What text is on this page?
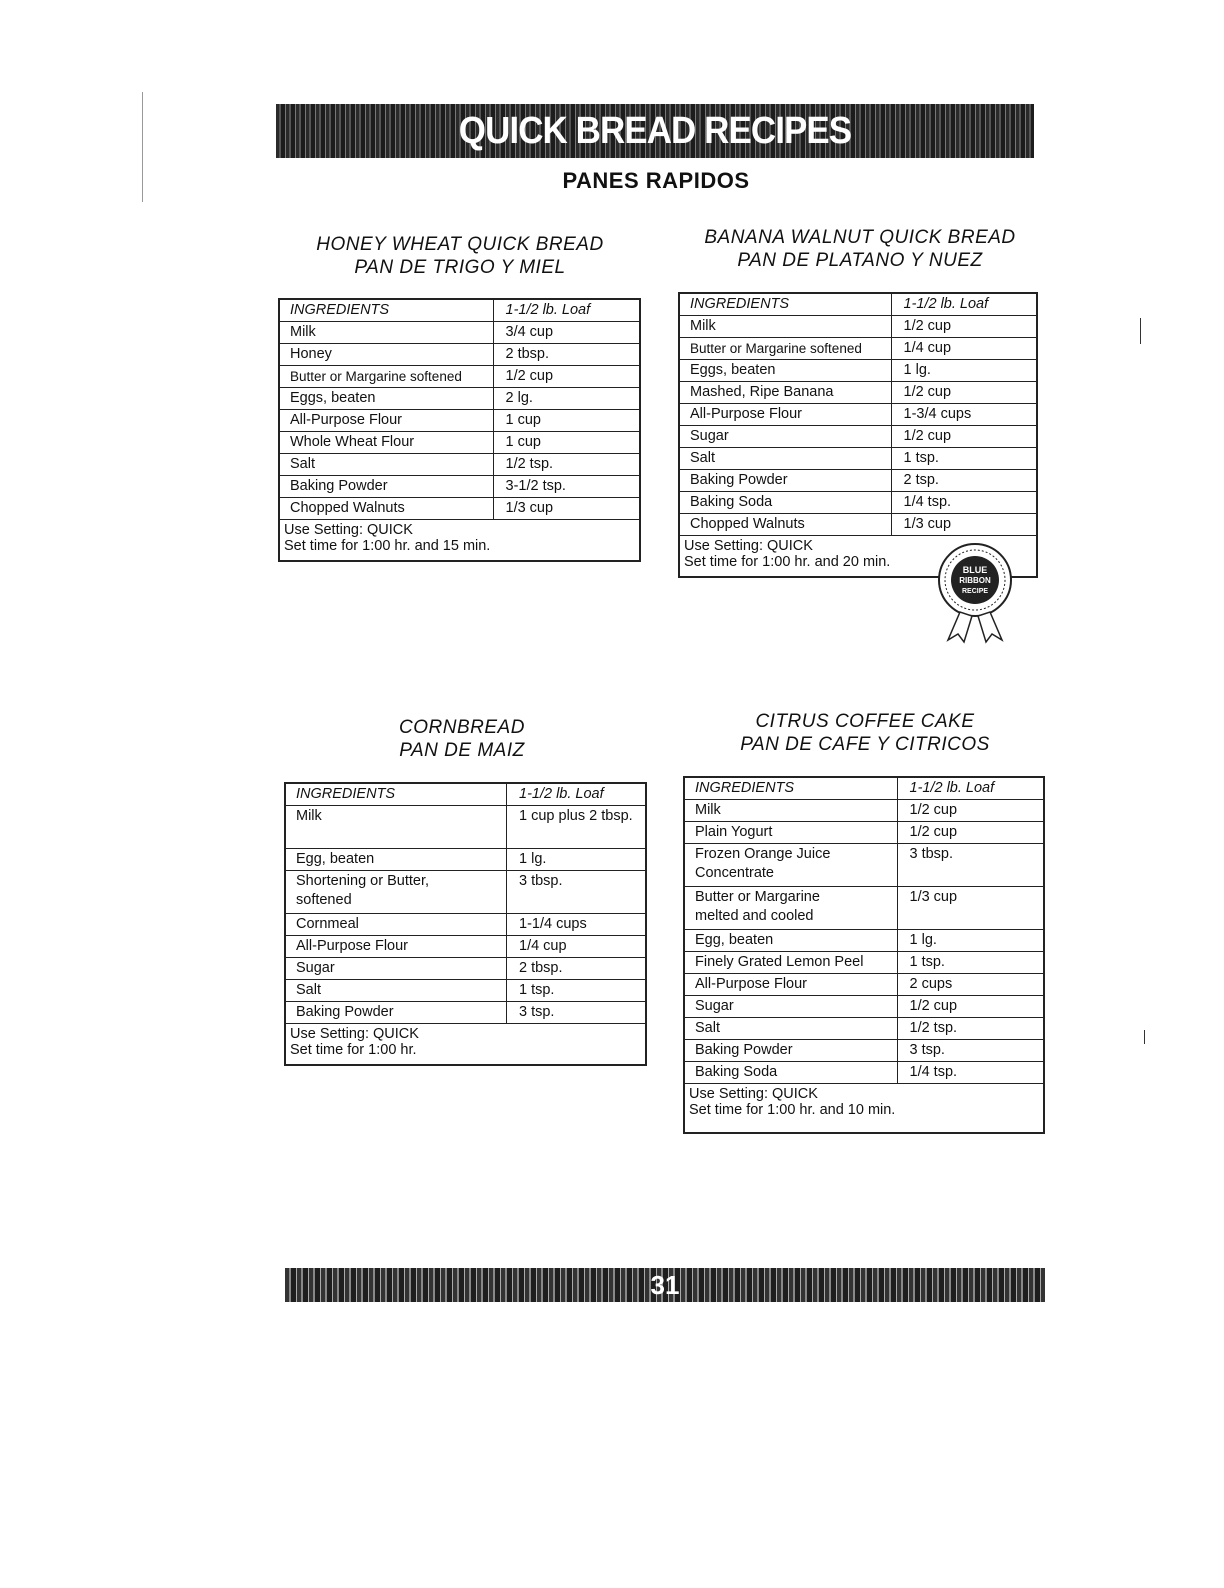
QUICK BREAD RECIPES
PANES RAPIDOS
HONEY WHEAT QUICK BREAD
PAN DE TRIGO Y MIEL
INGREDIENTS	1-1/2 lb. Loaf
Milk	3/4 cup
Honey	2 tbsp.
Butter or Margarine softened	1/2 cup
Eggs, beaten	2 lg.
All-Purpose Flour	1 cup
Whole Wheat Flour	1 cup
Salt	1/2 tsp.
Baking Powder	3-1/2 tsp.
Chopped Walnuts	1/3 cup

Use Setting: QUICK
Set time for 1:00 hr. and 15 min.	
BANANA WALNUT QUICK BREAD
PAN DE PLATANO Y NUEZ
INGREDIENTS	1-1/2 lb. Loaf
Milk	1/2 cup
Butter or Margarine softened	1/4 cup
Eggs, beaten	1 lg.
Mashed, Ripe Banana	1/2 cup
All-Purpose Flour	1-3/4 cups
Sugar	1/2 cup
Salt	1 tsp.
Baking Powder	2 tsp.
Baking Soda	1/4 tsp.
Chopped Walnuts	1/3 cup

Use Setting: QUICK
Set time for 1:00 hr. and 20 min.		BLUE
RIBBON
RECIPE
CORNBREAD
PAN DE MAIZ
INGREDIENTS	1-1/2 lb. Loaf
Milk	1 cup plus 2 tbsp.
Egg, beaten	1 lg.
Shortening or Butter, softened	3 tbsp.
Cornmeal	1-1/4 cups
All-Purpose Flour	1/4 cup
Sugar	2 tbsp.
Salt	1 tsp.
Baking Powder	3 tsp.

Use Setting: QUICK
Set time for 1:00 hr.	
CITRUS COFFEE CAKE
PAN DE CAFE Y CITRICOS
INGREDIENTS	1-1/2 lb. Loaf
Milk	1/2 cup
Plain Yogurt	1/2 cup
Frozen Orange Juice Concentrate	3 tbsp.
Butter or Margarine melted and cooled	1/3 cup
Egg, beaten	1 lg.
Finely Grated Lemon Peel	1 tsp.
All-Purpose Flour	2 cups
Sugar	1/2 cup
Salt	1/2 tsp.
Baking Powder	3 tsp.
Baking Soda	1/4 tsp.

Use Setting: QUICK
Set time for 1:00 hr. and 10 min.	
31
